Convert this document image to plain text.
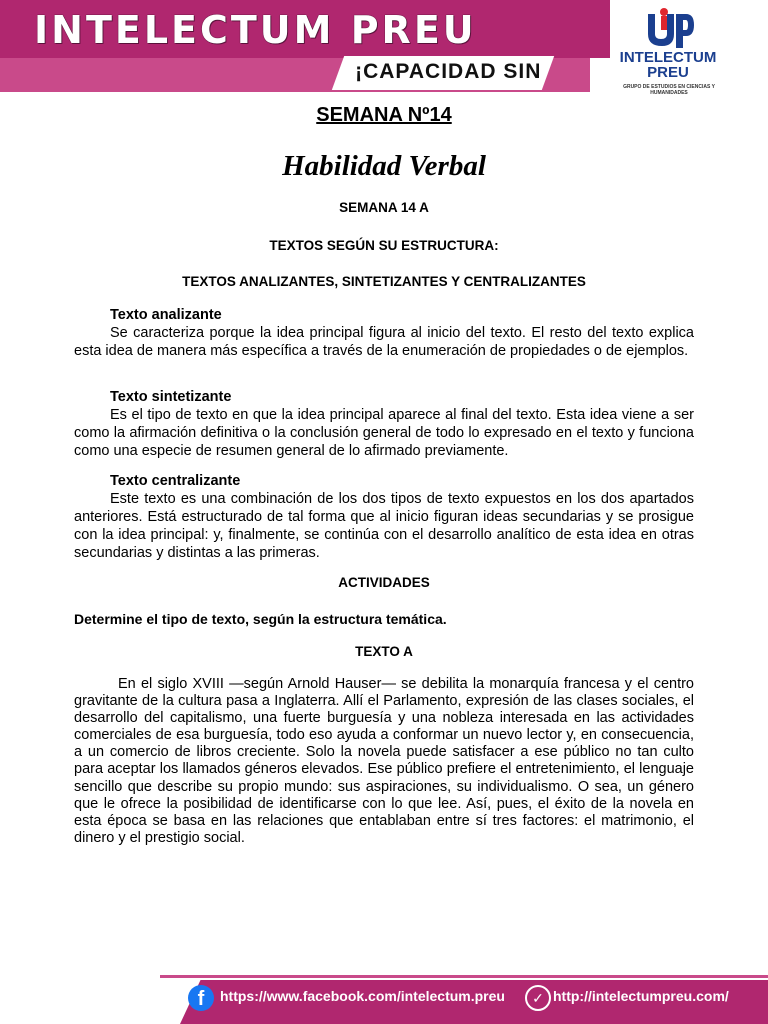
INTELECTUM PREU
¡CAPACIDAD SIN
INTELECTUM
PREU
GRUPO DE ESTUDIOS EN CIENCIAS Y HUMANIDADES
SEMANA Nº14
Habilidad Verbal
SEMANA 14 A
TEXTOS SEGÚN SU ESTRUCTURA:
TEXTOS ANALIZANTES, SINTETIZANTES Y CENTRALIZANTES
Texto analizante
Se caracteriza porque la idea principal figura al inicio del texto. El resto del texto explica esta idea de manera más específica a través de la enumeración de propiedades o de ejemplos.
Texto sintetizante
Es el tipo de texto en que la idea principal aparece al final del texto. Esta idea viene a ser como la afirmación definitiva o la conclusión general de todo lo expresado en el texto y funciona como una especie de resumen general de lo afirmado previamente.
Texto centralizante
Este texto es una combinación de los dos tipos de texto expuestos en los dos apartados anteriores. Está estructurado de tal forma que al inicio figuran ideas secundarias y se prosigue con la idea principal: y, finalmente, se continúa con el desarrollo analítico de esta idea en otras secundarias y distintas a las primeras.
ACTIVIDADES
Determine el tipo de texto, según la estructura temática.
TEXTO A
En el siglo XVIII —según Arnold Hauser— se debilita la monarquía francesa y el centro gravitante de la cultura pasa a Inglaterra. Allí el Parlamento, expresión de las clases sociales, el desarrollo del capitalismo, una fuerte burguesía y una nobleza interesada en las actividades comerciales de esa burguesía, todo eso ayuda a conformar un nuevo lector y, en consecuencia, a un comercio de libros creciente. Solo la novela puede satisfacer a ese público no tan culto para aceptar los llamados géneros elevados. Ese público prefiere el entretenimiento, el lenguaje sencillo que describe su propio mundo: sus aspiraciones, su individualismo. O sea, un género que le ofrece la posibilidad de identificarse con lo que lee. Así, pues, el éxito de la novela en esta época se basa en las relaciones que entablaban entre sí tres factores: el matrimonio, el dinero y el prestigio social.
f	https://www.facebook.com/intelectum.preu	✓ http://intelectumpreu.com/
